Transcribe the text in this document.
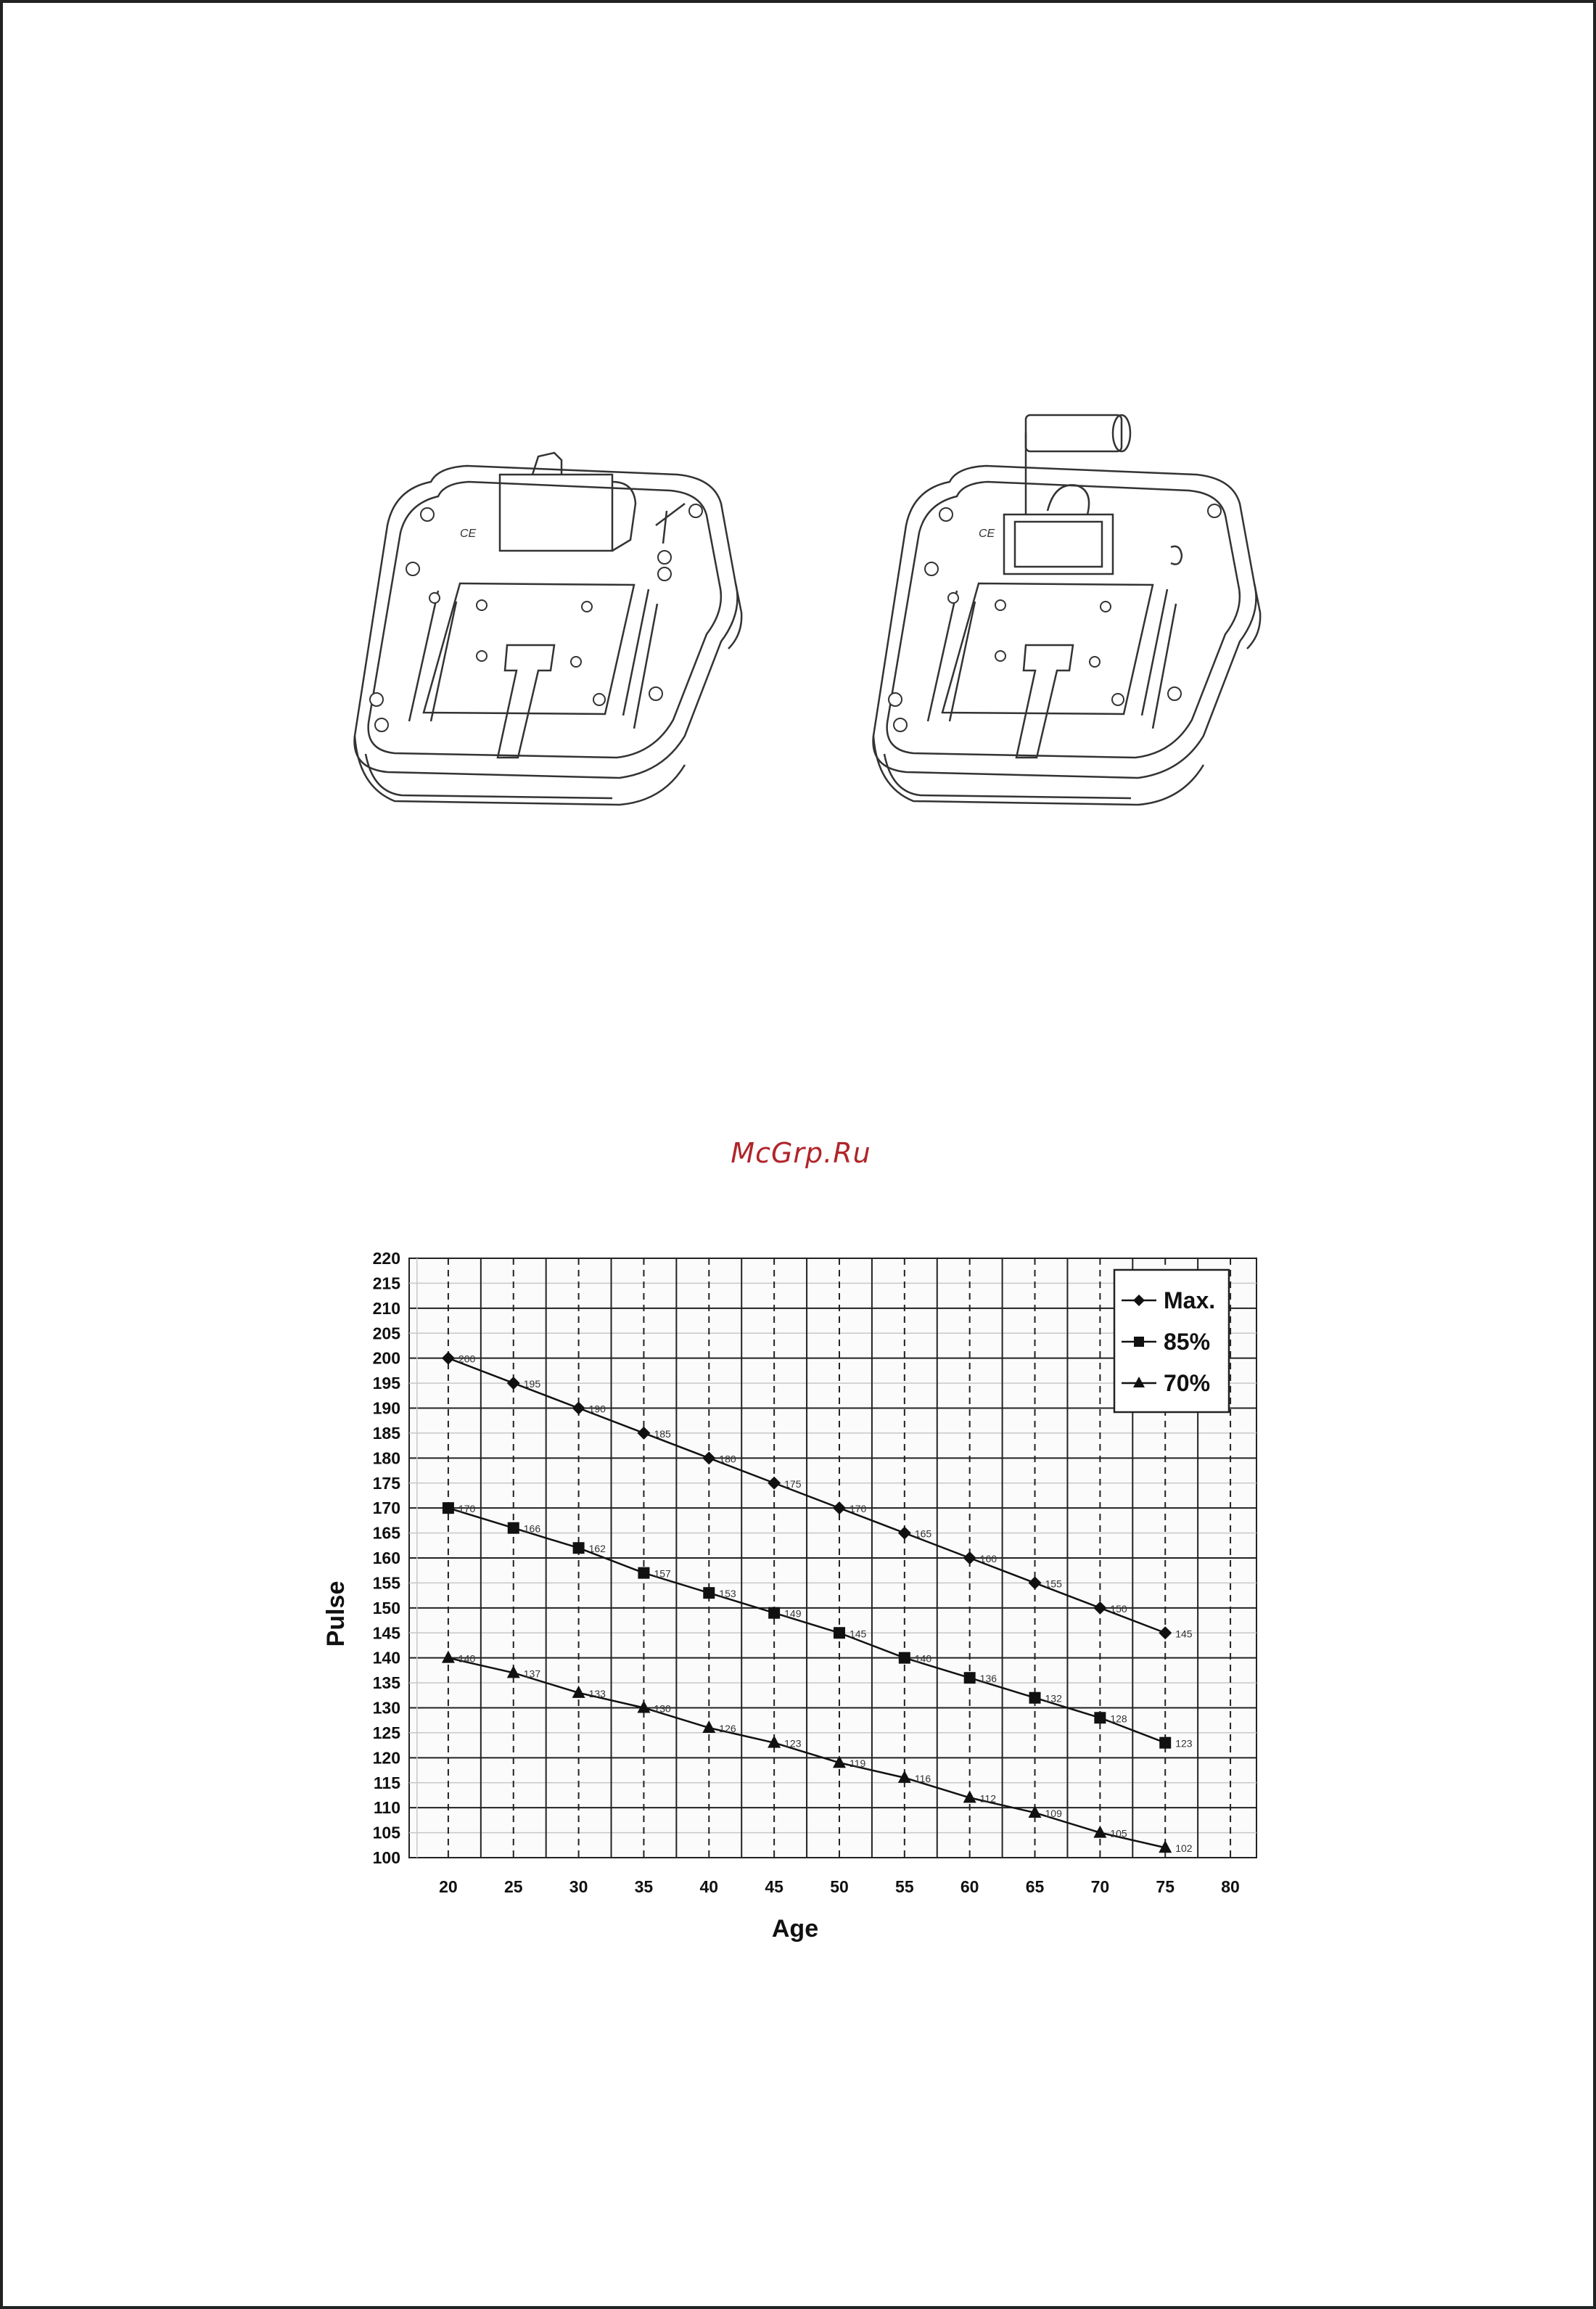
CE	CE
McGrp.Ru
200
195
190
185
180
175
170
165
160
155
150
145
170
166
162
157
153
149
145
140
136
132
128
123
140
137
133
130
126
123
119
116
112
109
105
102
100
105
110
115
120
125
130
135
140
145
150
155
160
165
170
175
180
185
190
195
200
205
210
215
220
20	25	30	35	40	45	50	55	60	65	70	75	80
Age
Pulse
Max.
85%
70%
